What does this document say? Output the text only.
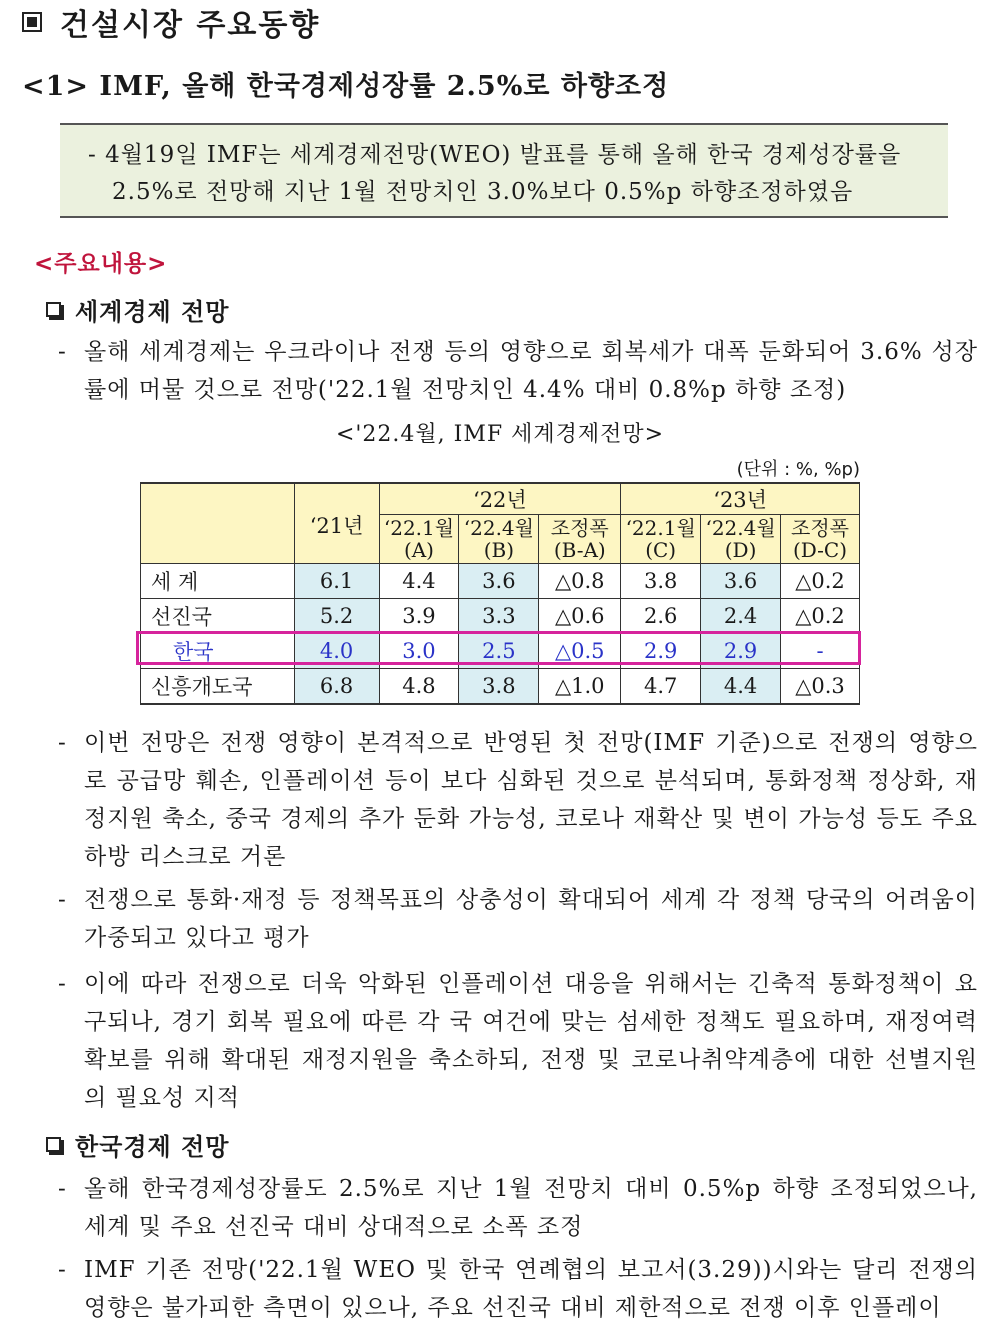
건설시장 주요동향
<1> IMF, 올해 한국경제성장률 2.5%로 하향조정
- 4월19일 IMF는 세계경제전망(WEO) 발표를 통해 올해 한국 경제성장률을
2.5%로 전망해 지난 1월 전망치인 3.0%보다 0.5%p 하향조정하였음
<주요내용>
세계경제 전망
- 올해 세계경제는 우크라이나 전쟁 등의 영향으로 회복세가 대폭 둔화되어 3.6% 성장률에 머물 것으로 전망('22.1월 전망치인 4.4% 대비 0.8%p 하향 조정)
<'22.4월, IMF 세계경제전망>
(단위 : %, %p)
	‘21년	‘22년			‘23년		
		‘22.1월 (A)	‘22.4월 (B)	조정폭 (B-A)	‘22.1월 (C)	‘22.4월 (D)	조정폭 (D-C)
세 계	6.1	4.4	3.6	△0.8	3.8	3.6	△0.2
선진국	5.2	3.9	3.3	△0.6	2.6	2.4	△0.2
한국	4.0	3.0	2.5	△0.5	2.9	2.9	-
신흥개도국	6.8	4.8	3.8	△1.0	4.7	4.4	△0.3
- 이번 전망은 전쟁 영향이 본격적으로 반영된 첫 전망(IMF 기준)으로 전쟁의 영향으로 공급망 훼손, 인플레이션 등이 보다 심화된 것으로 분석되며, 통화정책 정상화, 재정지원 축소, 중국 경제의 추가 둔화 가능성, 코로나 재확산 및 변이 가능성 등도 주요 하방 리스크로 거론
- 전쟁으로 통화·재정 등 정책목표의 상충성이 확대되어 세계 각 정책 당국의 어려움이 가중되고 있다고 평가
- 이에 따라 전쟁으로 더욱 악화된 인플레이션 대응을 위해서는 긴축적 통화정책이 요구되나, 경기 회복 필요에 따른 각 국 여건에 맞는 섬세한 정책도 필요하며, 재정여력 확보를 위해 확대된 재정지원을 축소하되, 전쟁 및 코로나취약계층에 대한 선별지원의 필요성 지적
한국경제 전망
- 올해 한국경제성장률도 2.5%로 지난 1월 전망치 대비 0.5%p 하향 조정되었으나, 세계 및 주요 선진국 대비 상대적으로 소폭 조정
- IMF 기존 전망('22.1월 WEO 및 한국 연례협의 보고서(3.29))시와는 달리 전쟁의 영향은 불가피한 측면이 있으나, 주요 선진국 대비 제한적으로 전쟁 이후 인플레이
